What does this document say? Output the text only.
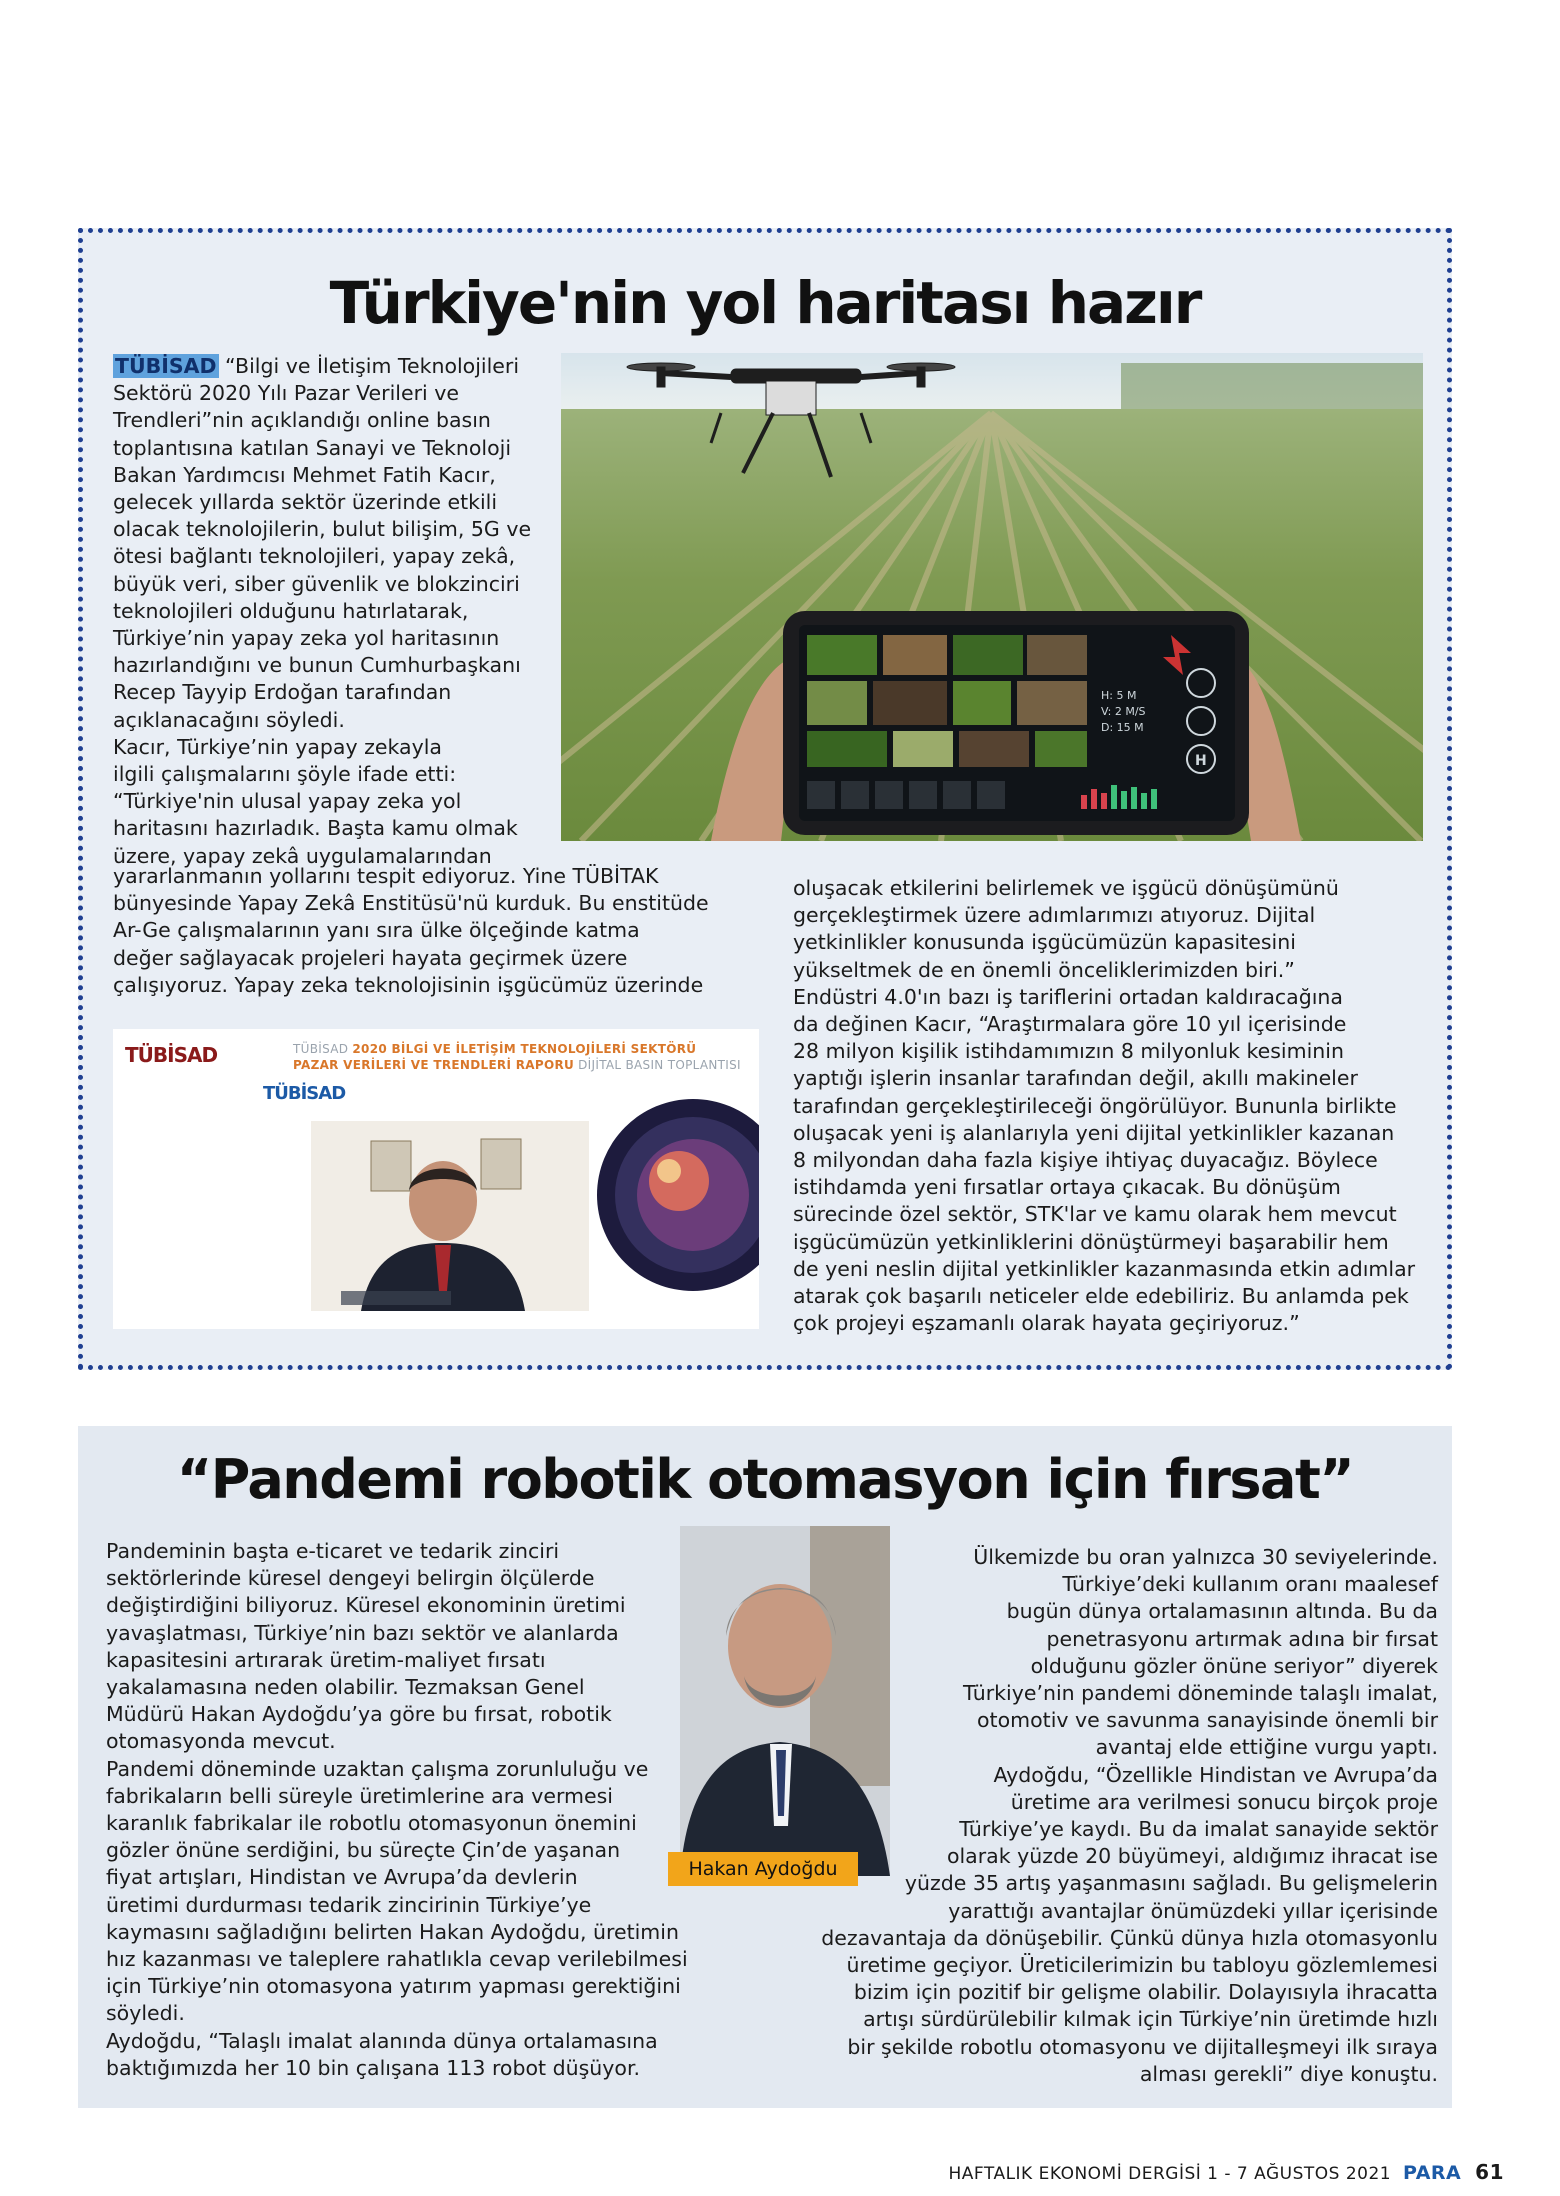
Türkiye'nin yol haritası hazır
TÜBİSAD “Bilgi ve İletişim Teknolojileri
Sektörü 2020 Yılı Pazar Verileri ve
Trendleri”nin açıklandığı online basın
toplantısına katılan Sanayi ve Teknoloji
Bakan Yardımcısı Mehmet Fatih Kacır,
gelecek yıllarda sektör üzerinde etkili
olacak teknolojilerin, bulut bilişim, 5G ve
ötesi bağlantı teknolojileri, yapay zekâ,
büyük veri, siber güvenlik ve blokzinciri
teknolojileri olduğunu hatırlatarak,
Türkiye’nin yapay zeka yol haritasının
hazırlandığını ve bunun Cumhurbaşkanı
Recep Tayyip Erdoğan tarafından
açıklanacağını söyledi.
Kacır, Türkiye’nin yapay zekayla
ilgili çalışmalarını şöyle ifade etti:
“Türkiye'nin ulusal yapay zeka yol
haritasını hazırladık. Başta kamu olmak
üzere, yapay zekâ uygulamalarından
yararlanmanın yollarını tespit ediyoruz. Yine TÜBİTAK
bünyesinde Yapay Zekâ Enstitüsü'nü kurduk. Bu enstitüde
Ar-Ge çalışmalarının yanı sıra ülke ölçeğinde katma
değer sağlayacak projeleri hayata geçirmek üzere
çalışıyoruz. Yapay zeka teknolojisinin işgücümüz üzerinde
oluşacak etkilerini belirlemek ve işgücü dönüşümünü
gerçekleştirmek üzere adımlarımızı atıyoruz. Dijital
yetkinlikler konusunda işgücümüzün kapasitesini
yükseltmek de en önemli önceliklerimizden biri.”
Endüstri 4.0'ın bazı iş tariflerini ortadan kaldıracağına
da değinen Kacır, “Araştırmalara göre 10 yıl içerisinde
28 milyon kişilik istihdamımızın 8 milyonluk kesiminin
yaptığı işlerin insanlar tarafından değil, akıllı makineler
tarafından gerçekleştirileceği öngörülüyor. Bununla birlikte
oluşacak yeni iş alanlarıyla yeni dijital yetkinlikler kazanan
8 milyondan daha fazla kişiye ihtiyaç duyacağız. Böylece
istihdamda yeni fırsatlar ortaya çıkacak. Bu dönüşüm
sürecinde özel sektör, STK'lar ve kamu olarak hem mevcut
işgücümüzün yetkinliklerini dönüştürmeyi başarabilir hem
de yeni neslin dijital yetkinlikler kazanmasında etkin adımlar
atarak çok başarılı neticeler elde edebiliriz. Bu anlamda pek
çok projeyi eşzamanlı olarak hayata geçiriyoruz.”
H: 5 M
V: 2 M/S
D: 15 M
H
TÜBİSAD	TÜBİSAD 2020 BİLGİ VE İLETİŞİM TEKNOLOJİLERİ SEKTÖRÜ PAZAR VERİLERİ VE TRENDLERİ RAPORU DİJİTAL BASIN TOPLANTISI
TÜBİSAD
“Pandemi robotik otomasyon için fırsat”
Hakan Aydoğdu
Pandeminin başta e-ticaret ve tedarik zinciri
sektörlerinde küresel dengeyi belirgin ölçülerde
değiştirdiğini biliyoruz. Küresel ekonominin üretimi
yavaşlatması, Türkiye’nin bazı sektör ve alanlarda
kapasitesini artırarak üretim-maliyet fırsatı
yakalamasına neden olabilir. Tezmaksan Genel
Müdürü Hakan Aydoğdu’ya göre bu fırsat, robotik
otomasyonda mevcut.
Pandemi döneminde uzaktan çalışma zorunluluğu ve
fabrikaların belli süreyle üretimlerine ara vermesi
karanlık fabrikalar ile robotlu otomasyonun önemini
gözler önüne serdiğini, bu süreçte Çin’de yaşanan
fiyat artışları, Hindistan ve Avrupa’da devlerin
üretimi durdurması tedarik zincirinin Türkiye’ye
kaymasını sağladığını belirten Hakan Aydoğdu, üretimin
hız kazanması ve taleplere rahatlıkla cevap verilebilmesi
için Türkiye’nin otomasyona yatırım yapması gerektiğini
söyledi.
Aydoğdu, “Talaşlı imalat alanında dünya ortalamasına
baktığımızda her 10 bin çalışana 113 robot düşüyor.
Ülkemizde bu oran yalnızca 30 seviyelerinde.
Türkiye’deki kullanım oranı maalesef
bugün dünya ortalamasının altında. Bu da
penetrasyonu artırmak adına bir fırsat
olduğunu gözler önüne seriyor” diyerek
Türkiye’nin pandemi döneminde talaşlı imalat,
otomotiv ve savunma sanayisinde önemli bir
avantaj elde ettiğine vurgu yaptı.
Aydoğdu, “Özellikle Hindistan ve Avrupa’da
üretime ara verilmesi sonucu birçok proje
Türkiye’ye kaydı. Bu da imalat sanayide sektör
olarak yüzde 20 büyümeyi, aldığımız ihracat ise
yüzde 35 artış yaşanmasını sağladı. Bu gelişmelerin
yarattığı avantajlar önümüzdeki yıllar içerisinde
dezavantaja da dönüşebilir. Çünkü dünya hızla otomasyonlu
üretime geçiyor. Üreticilerimizin bu tabloyu gözlemlemesi
bizim için pozitif bir gelişme olabilir. Dolayısıyla ihracatta
artışı sürdürülebilir kılmak için Türkiye’nin üretimde hızlı
bir şekilde robotlu otomasyonu ve dijitalleşmeyi ilk sıraya
alması gerekli” diye konuştu.
HAFTALIK EKONOMİ DERGİSİ 1 - 7 AĞUSTOS 2021 PARA 61
